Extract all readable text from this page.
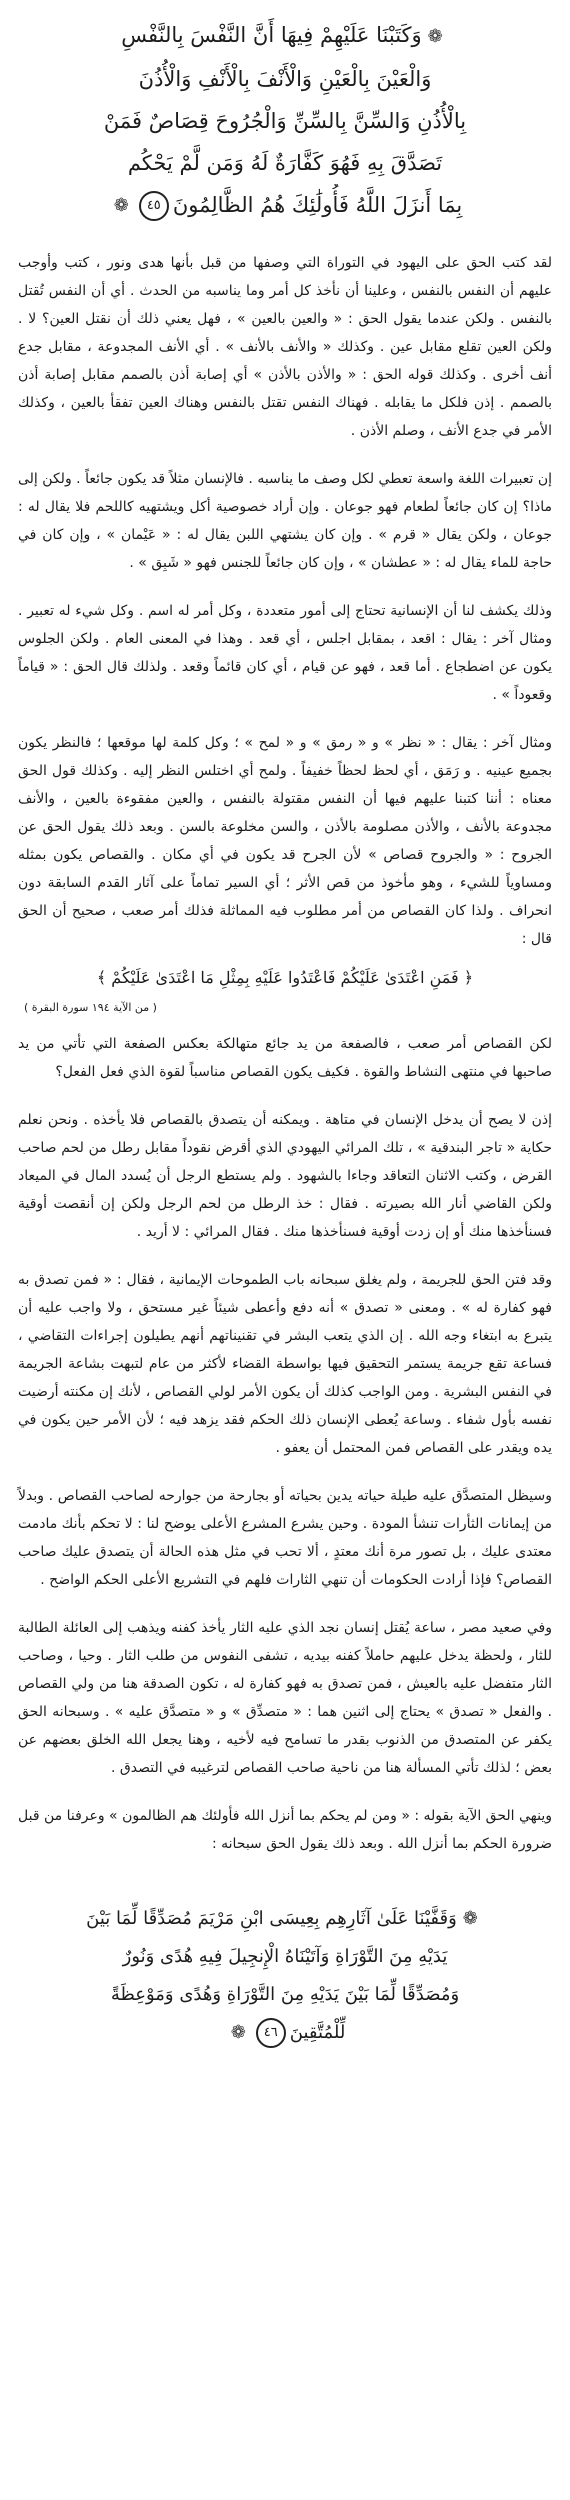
❁وَكَتَبْنَا عَلَيْهِمْ فِيهَا أَنَّ النَّفْسَ بِالنَّفْسِ
وَالْعَيْنَ بِالْعَيْنِ وَالْأَنْفَ بِالْأَنْفِ وَالْأُذُنَ
بِالْأُذُنِ وَالسِّنَّ بِالسِّنِّ وَالْجُرُوحَ قِصَاصٌ فَمَنْ
تَصَدَّقَ بِهِ فَهُوَ كَفَّارَةٌ لَهُ وَمَن لَّمْ يَحْكُم
بِمَا أَنزَلَ اللَّهُ فَأُولَٰئِكَ هُمُ الظَّالِمُونَ٤٥❁

لقد كتب الحق على اليهود في التوراة التي وصفها من قبل بأنها هدى ونور ، كتب وأوجب عليهم أن النفس بالنفس ، وعلينا أن نأخذ كل أمر وما يناسبه من الحدث . أي أن النفس تُقتل بالنفس . ولكن عندما يقول الحق : « والعين بالعين » ، فهل يعني ذلك أن نقتل العين؟ لا . ولكن العين تقلع مقابل عين . وكذلك « والأنف بالأنف » . أي الأنف المجدوعة ، مقابل جدع أنف أخرى . وكذلك قوله الحق : « والأذن بالأذن » أي إصابة أذن بالصمم مقابل إصابة أذن بالصمم . إذن فلكل ما يقابله . فهناك النفس تقتل بالنفس وهناك العين تفقأ بالعين ، وكذلك الأمر في جدع الأنف ، وصلم الأذن .

إن تعبيرات اللغة واسعة تعطي لكل وصف ما يناسبه . فالإنسان مثلاً قد يكون جائعاً . ولكن إلى ماذا؟ إن كان جائعاً لطعام فهو جوعان . وإن أراد خصوصية أكل ويشتهيه كاللحم فلا يقال له : جوعان ، ولكن يقال « قرم » . وإن كان يشتهي اللبن يقال له : « عَيْمان » ، وإن كان في حاجة للماء يقال له : « عطشان » ، وإن كان جائعاً للجنس فهو « شَبِق » .

وذلك يكشف لنا أن الإنسانية تحتاج إلى أمور متعددة ، وكل أمر له اسم . وكل شيء له تعبير . ومثال آخر : يقال : اقعد ، بمقابل اجلس ، أي قعد . وهذا في المعنى العام . ولكن الجلوس يكون عن اضطجاع . أما قعد ، فهو عن قيام ، أي كان قائماً وقعد . ولذلك قال الحق : « قياماً وقعوداً » .

ومثال آخر : يقال : « نظر » و « رمق » و « لمح » ؛ وكل كلمة لها موقعها ؛ فالنظر يكون بجميع عينيه . و رَمَق ، أي لحظ لحظاً خفيفاً . ولمح أي اختلس النظر إليه . وكذلك قول الحق معناه : أننا كتبنا عليهم فيها أن النفس مقتولة بالنفس ، والعين مفقوءة بالعين ، والأنف مجدوعة بالأنف ، والأذن مصلومة بالأذن ، والسن مخلوعة بالسن . وبعد ذلك يقول الحق عن الجروح : « والجروح قصاص » لأن الجرح قد يكون في أي مكان . والقصاص يكون بمثله ومساوياً للشيء ، وهو مأخوذ من قص الأثر ؛ أي السير تماماً على آثار القدم السابقة دون انحراف . ولذا كان القصاص من أمر مطلوب فيه المماثلة فذلك أمر صعب ، صحيح أن الحق قال :

﴿ فَمَنِ اعْتَدَىٰ عَلَيْكُمْ فَاعْتَدُوا عَلَيْهِ بِمِثْلِ مَا اعْتَدَىٰ عَلَيْكُمْ ﴾
( من الآية ١٩٤ سورة البقرة )

لكن القصاص أمر صعب ، فالصفعة من يد جائع متهالكة بعكس الصفعة التي تأتي من يد صاحبها في منتهى النشاط والقوة . فكيف يكون القصاص مناسباً لقوة الذي فعل الفعل؟

إذن لا يصح أن يدخل الإنسان في متاهة . ويمكنه أن يتصدق بالقصاص فلا يأخذه . ونحن نعلم حكاية « تاجر البندقية » ، تلك المرائي اليهودي الذي أقرض نقوداً مقابل رطل من لحم صاحب القرض ، وكتب الاثنان التعاقد وجاءا بالشهود . ولم يستطع الرجل أن يُسدد المال في الميعاد ولكن القاضي أنار الله بصيرته . فقال : خذ الرطل من لحم الرجل ولكن إن أنقصت أوقية فسنأخذها منك أو إن زدت أوقية فسنأخذها منك . فقال المرائي : لا أريد .

وقد فتن الحق للجريمة ، ولم يغلق سبحانه باب الطموحات الإيمانية ، فقال : « فمن تصدق به فهو كفارة له » . ومعنى « تصدق » أنه دفع وأعطى شيئاً غير مستحق ، ولا واجب عليه أن يتبرع به ابتغاء وجه الله . إن الذي يتعب البشر في تقنيناتهم أنهم يطيلون إجراءات التقاضي ، فساعة تقع جريمة يستمر التحقيق فيها بواسطة القضاء لأكثر من عام لتبهت بشاعة الجريمة في النفس البشرية . ومن الواجب كذلك أن يكون الأمر لولي القصاص ، لأنك إن مكنته أرضيت نفسه بأول شفاء . وساعة يُعطى الإنسان ذلك الحكم فقد يزهد فيه ؛ لأن الأمر حين يكون في يده ويقدر على القصاص فمن المحتمل أن يعفو .

وسيظل المتصدَّق عليه طيلة حياته يدين بحياته أو بجارحة من جوارحه لصاحب القصاص . وبدلاً من إيمانات الثأرات تنشأ المودة . وحين يشرع المشرع الأعلى يوضح لنا : لا تحكم بأنك مادمت معتدى عليك ، بل تصور مرة أنك معتدٍ ، ألا تحب في مثل هذه الحالة أن يتصدق عليك صاحب القصاص؟ فإذا أرادت الحكومات أن تنهي الثارات فلهم في التشريع الأعلى الحكم الواضح .

وفي صعيد مصر ، ساعة يُقتل إنسان نجد الذي عليه الثار يأخذ كفنه ويذهب إلى العائلة الطالبة للثار ، ولحظة يدخل عليهم حاملاً كفنه بيديه ، تشفى النفوس من طلب الثار . وحيا ، وصاحب الثار متفضل عليه بالعيش ، فمن تصدق به فهو كفارة له ، تكون الصدقة هنا من ولي القصاص . والفعل « تصدق » يحتاج إلى اثنين هما : « متصدِّق » و « متصدَّق عليه » . وسبحانه الحق يكفر عن المتصدق من الذنوب بقدر ما تسامح فيه لأخيه ، وهنا يجعل الله الخلق بعضهم عن بعض ؛ لذلك تأتي المسألة هنا من ناحية صاحب القصاص لترغيبه في التصدق .

وينهي الحق الآية بقوله : « ومن لم يحكم بما أنزل الله فأولئك هم الظالمون » وعرفنا من قبل ضرورة الحكم بما أنزل الله . وبعد ذلك يقول الحق سبحانه :

❁وَقَفَّيْنَا عَلَىٰ آثَارِهِم بِعِيسَى ابْنِ مَرْيَمَ مُصَدِّقًا لِّمَا بَيْنَ
يَدَيْهِ مِنَ التَّوْرَاةِ وَآتَيْنَاهُ الْإِنجِيلَ فِيهِ هُدًى وَنُورٌ
وَمُصَدِّقًا لِّمَا بَيْنَ يَدَيْهِ مِنَ التَّوْرَاةِ وَهُدًى وَمَوْعِظَةً
لِّلْمُتَّقِينَ٤٦❁
